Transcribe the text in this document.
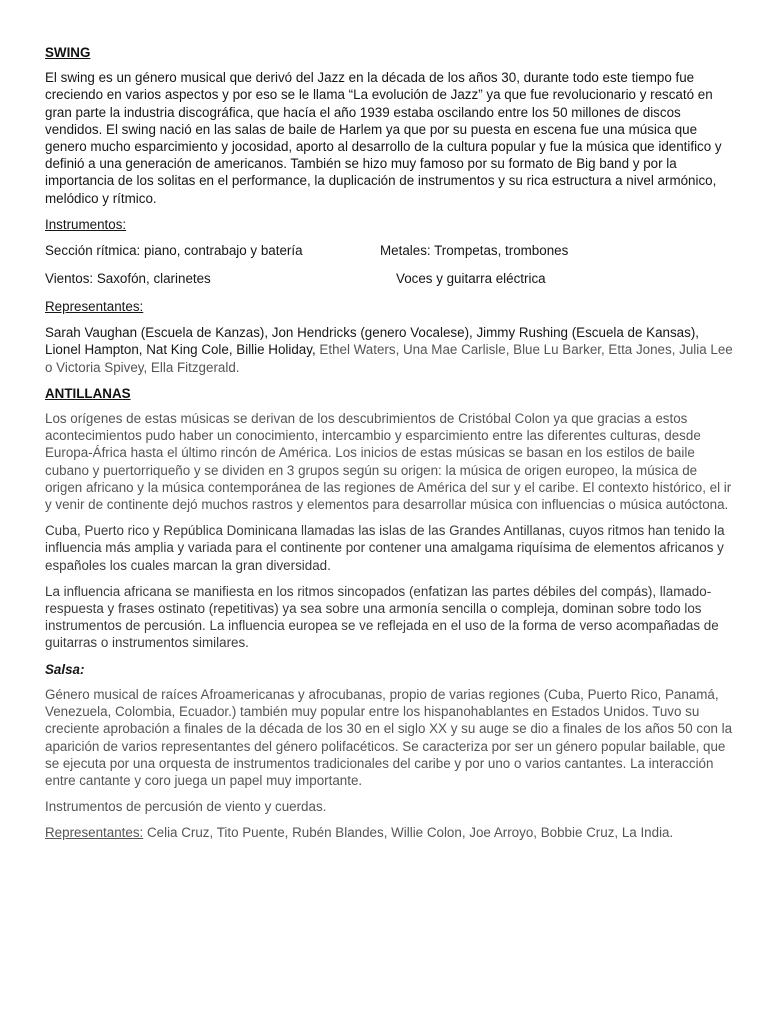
SWING

El swing es un género musical que derivó del Jazz en la década de los años 30, durante todo este tiempo fue creciendo en varios aspectos y por eso se le llama “La evolución de Jazz” ya que fue revolucionario y rescató en gran parte la industria discográfica, que hacía el año 1939 estaba oscilando entre los 50 millones de discos vendidos. El swing nació en las salas de baile de Harlem ya que por su puesta en escena fue una música que genero mucho esparcimiento y jocosidad, aporto al desarrollo de la cultura popular y fue la música que identifico y definió a una generación de americanos. También se hizo muy famoso por su formato de Big band y por la importancia de los solitas en el performance, la duplicación de instrumentos y su rica estructura a nivel armónico, melódico y rítmico.

Instrumentos:

Sección rítmica: piano, contrabajo y batería	Metales: Trompetas, trombones
Vientos: Saxofón, clarinetes	Voces y guitarra eléctrica

Representantes:

Sarah Vaughan (Escuela de Kanzas), Jon Hendricks (genero Vocalese), Jimmy Rushing (Escuela de Kansas), Lionel Hampton, Nat King Cole, Billie Holiday, Ethel Waters, Una Mae Carlisle, Blue Lu Barker, Etta Jones, Julia Lee o Victoria Spivey, Ella Fitzgerald.

ANTILLANAS

Los orígenes de estas músicas se derivan de los descubrimientos de Cristóbal Colon ya que gracias a estos acontecimientos pudo haber un conocimiento, intercambio y esparcimiento entre las diferentes culturas, desde Europa-África hasta el último rincón de América. Los inicios de estas músicas se basan en los estilos de baile cubano y puertorriqueño y se dividen en 3 grupos según su origen: la música de origen europeo, la música de origen africano y la música contemporánea de las regiones de América del sur y el caribe. El contexto histórico, el ir y venir de continente dejó muchos rastros y elementos para desarrollar música con influencias o música autóctona.

Cuba, Puerto rico y República Dominicana llamadas las islas de las Grandes Antillanas, cuyos ritmos han tenido la influencia más amplia y variada para el continente por contener una amalgama riquísima de elementos africanos y españoles los cuales marcan la gran diversidad.

La influencia africana se manifiesta en los ritmos sincopados (enfatizan las partes débiles del compás), llamado-respuesta y frases ostinato (repetitivas) ya sea sobre una armonía sencilla o compleja, dominan sobre todo los instrumentos de percusión. La influencia europea se ve reflejada en el uso de la forma de verso acompañadas de guitarras o instrumentos similares.

Salsa:

Género musical de raíces Afroamericanas y afrocubanas, propio de varias regiones (Cuba, Puerto Rico, Panamá, Venezuela, Colombia, Ecuador.) también muy popular entre los hispanohablantes en Estados Unidos. Tuvo su creciente aprobación a finales de la década de los 30 en el siglo XX y su auge se dio a finales de los años 50 con la aparición de varios representantes del género polifacéticos. Se caracteriza por ser un género popular bailable, que se ejecuta por una orquesta de instrumentos tradicionales del caribe y por uno o varios cantantes. La interacción entre cantante y coro juega un papel muy importante.

Instrumentos de percusión de viento y cuerdas.

Representantes: Celia Cruz, Tito Puente, Rubén Blandes, Willie Colon, Joe Arroyo, Bobbie Cruz, La India.
